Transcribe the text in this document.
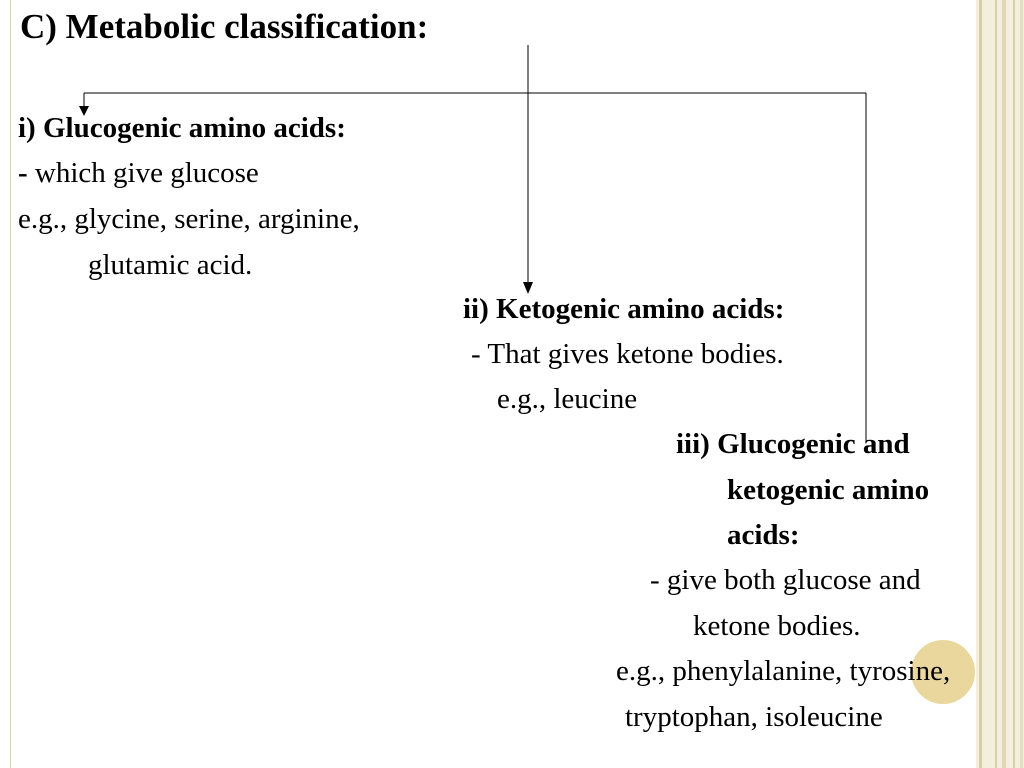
C) Metabolic classification:
i) Glucogenic amino acids:
- which give glucose
e.g., glycine, serine, arginine,
glutamic acid.
ii) Ketogenic amino acids:
- That gives ketone bodies.
e.g., leucine
iii) Glucogenic and
ketogenic amino
acids:
- give both glucose and
ketone bodies.
e.g., phenylalanine, tyrosine,
tryptophan, isoleucine
